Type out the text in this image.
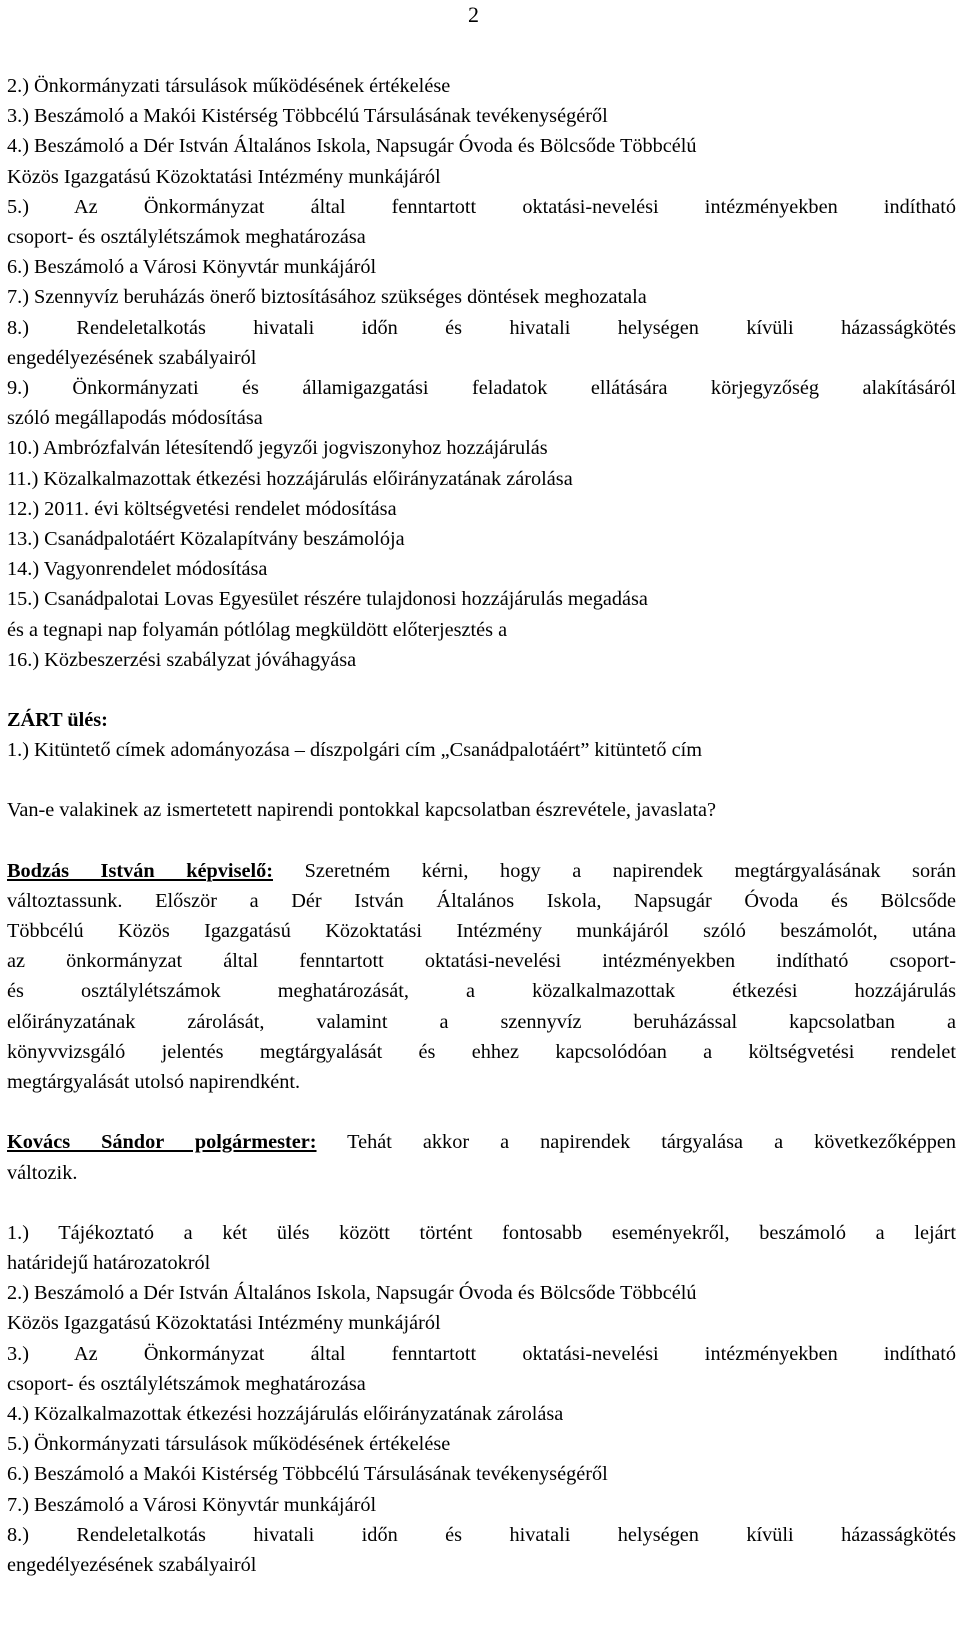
2
2.) Önkormányzati társulások működésének értékelése
3.) Beszámoló a Makói Kistérség Többcélú Társulásának tevékenységéről
4.) Beszámoló a Dér István Általános Iskola, Napsugár Óvoda és Bölcsőde Többcélú
Közös Igazgatású Közoktatási Intézmény munkájáról
5.) Az Önkormányzat által fenntartott oktatási-nevelési intézményekben indítható
csoport- és osztálylétszámok meghatározása
6.) Beszámoló a Városi Könyvtár munkájáról
7.) Szennyvíz beruházás önerő biztosításához szükséges döntések meghozatala
8.) Rendeletalkotás hivatali időn és hivatali helységen kívüli házasságkötés
engedélyezésének szabályairól
9.) Önkormányzati és államigazgatási feladatok ellátására körjegyzőség alakításáról
szóló megállapodás módosítása
10.) Ambrózfalván létesítendő jegyzői jogviszonyhoz hozzájárulás
11.) Közalkalmazottak étkezési hozzájárulás előirányzatának zárolása
12.) 2011. évi költségvetési rendelet módosítása
13.) Csanádpalotáért Közalapítvány beszámolója
14.) Vagyonrendelet módosítása
15.) Csanádpalotai Lovas Egyesület részére tulajdonosi hozzájárulás megadása
és a tegnapi nap folyamán pótlólag megküldött előterjesztés a
16.) Közbeszerzési szabályzat jóváhagyása
ZÁRT ülés:
1.) Kitüntető címek adományozása – díszpolgári cím „Csanádpalotáért” kitüntető cím
Van-e valakinek az ismertetett napirendi pontokkal kapcsolatban észrevétele, javaslata?
Bodzás István képviselő: Szeretném kérni, hogy a napirendek megtárgyalásának során
változtassunk. Először a Dér István Általános Iskola, Napsugár Óvoda és Bölcsőde
Többcélú Közös Igazgatású Közoktatási Intézmény munkájáról szóló beszámolót, utána
az önkormányzat által fenntartott oktatási-nevelési intézményekben indítható csoport-
és osztálylétszámok meghatározását, a közalkalmazottak étkezési hozzájárulás
előirányzatának zárolását, valamint a szennyvíz beruházással kapcsolatban a
könyvvizsgáló jelentés megtárgyalását és ehhez kapcsolódóan a költségvetési rendelet
megtárgyalását utolsó napirendként.
Kovács Sándor polgármester: Tehát akkor a napirendek tárgyalása a következőképpen
változik.
1.) Tájékoztató a két ülés között történt fontosabb eseményekről, beszámoló a lejárt
határidejű határozatokról
2.) Beszámoló a Dér István Általános Iskola, Napsugár Óvoda és Bölcsőde Többcélú
Közös Igazgatású Közoktatási Intézmény munkájáról
3.) Az Önkormányzat által fenntartott oktatási-nevelési intézményekben indítható
csoport- és osztálylétszámok meghatározása
4.) Közalkalmazottak étkezési hozzájárulás előirányzatának zárolása
5.) Önkormányzati társulások működésének értékelése
6.) Beszámoló a Makói Kistérség Többcélú Társulásának tevékenységéről
7.) Beszámoló a Városi Könyvtár munkájáról
8.) Rendeletalkotás hivatali időn és hivatali helységen kívüli házasságkötés
engedélyezésének szabályairól
